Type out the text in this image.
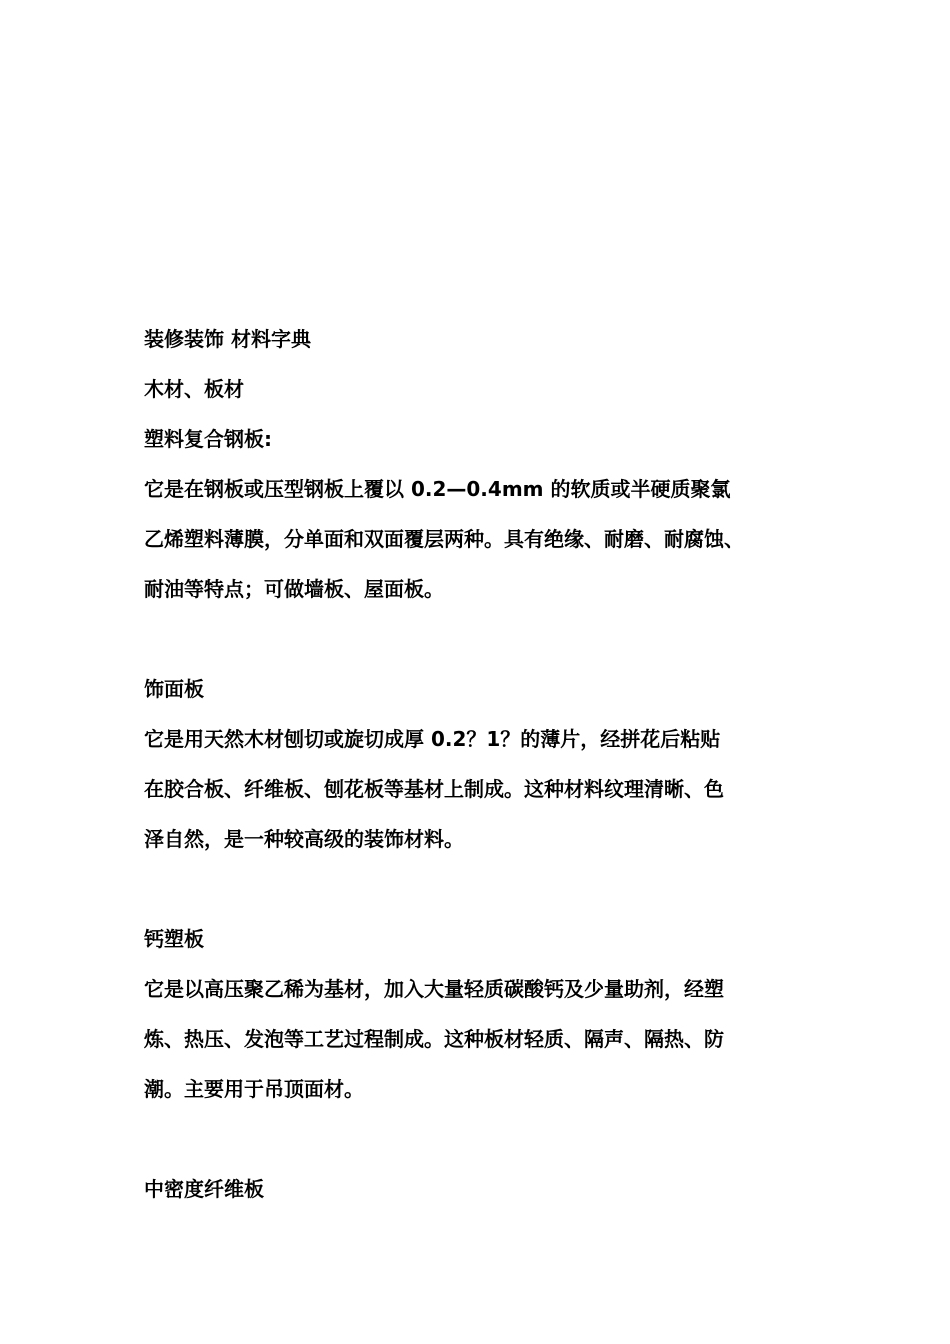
装修装饰 材料字典
木材、板材
塑料复合钢板:
它是在钢板或压型钢板上覆以 0.2—0.4mm 的软质或半硬质聚氯
乙烯塑料薄膜，分单面和双面覆层两种。具有绝缘、耐磨、耐腐蚀、
耐油等特点；可做墙板、屋面板。
饰面板
它是用天然木材刨切或旋切成厚 0.2？1？的薄片，经拼花后粘贴
在胶合板、纤维板、刨花板等基材上制成。这种材料纹理清晰、色
泽自然，是一种较高级的装饰材料。
钙塑板
它是以高压聚乙稀为基材，加入大量轻质碳酸钙及少量助剂，经塑
炼、热压、发泡等工艺过程制成。这种板材轻质、隔声、隔热、防
潮。主要用于吊顶面材。
中密度纤维板
